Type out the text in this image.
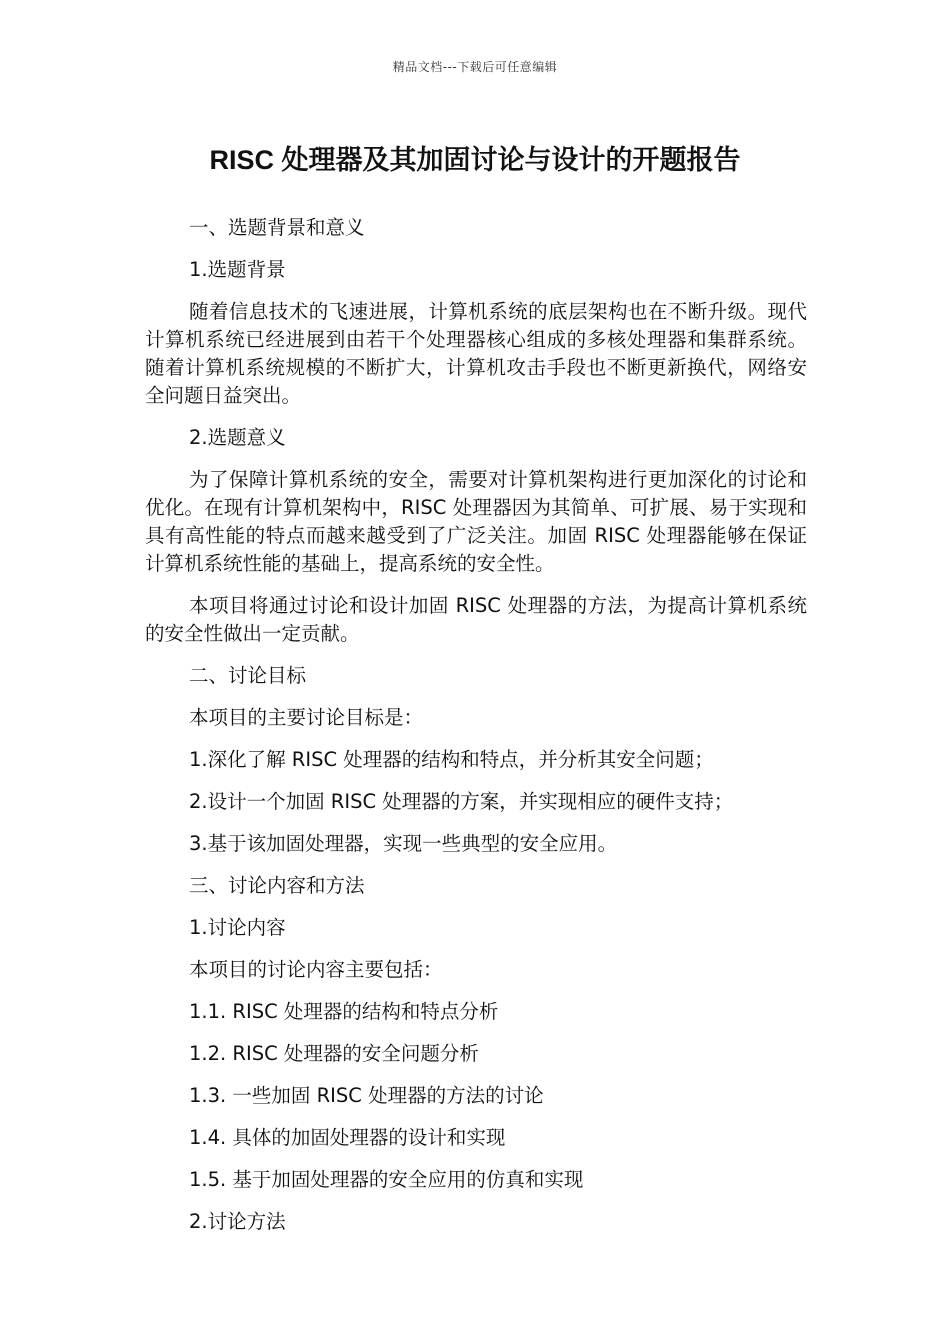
精品文档---下载后可任意编辑
RISC 处理器及其加固讨论与设计的开题报告

一、选题背景和意义

1.选题背景

随着信息技术的飞速进展，计算机系统的底层架构也在不断升级。现代计算机系统已经进展到由若干个处理器核心组成的多核处理器和集群系统。随着计算机系统规模的不断扩大，计算机攻击手段也不断更新换代，网络安全问题日益突出。

2.选题意义

为了保障计算机系统的安全，需要对计算机架构进行更加深化的讨论和优化。在现有计算机架构中，RISC 处理器因为其简单、可扩展、易于实现和具有高性能的特点而越来越受到了广泛关注。加固 RISC 处理器能够在保证计算机系统性能的基础上，提高系统的安全性。

本项目将通过讨论和设计加固 RISC 处理器的方法，为提高计算机系统的安全性做出一定贡献。

二、讨论目标

本项目的主要讨论目标是：

1.深化了解 RISC 处理器的结构和特点，并分析其安全问题；

2.设计一个加固 RISC 处理器的方案，并实现相应的硬件支持；

3.基于该加固处理器，实现一些典型的安全应用。

三、讨论内容和方法

1.讨论内容

本项目的讨论内容主要包括：

1.1. RISC 处理器的结构和特点分析

1.2. RISC 处理器的安全问题分析

1.3. 一些加固 RISC 处理器的方法的讨论

1.4. 具体的加固处理器的设计和实现

1.5. 基于加固处理器的安全应用的仿真和实现

2.讨论方法
